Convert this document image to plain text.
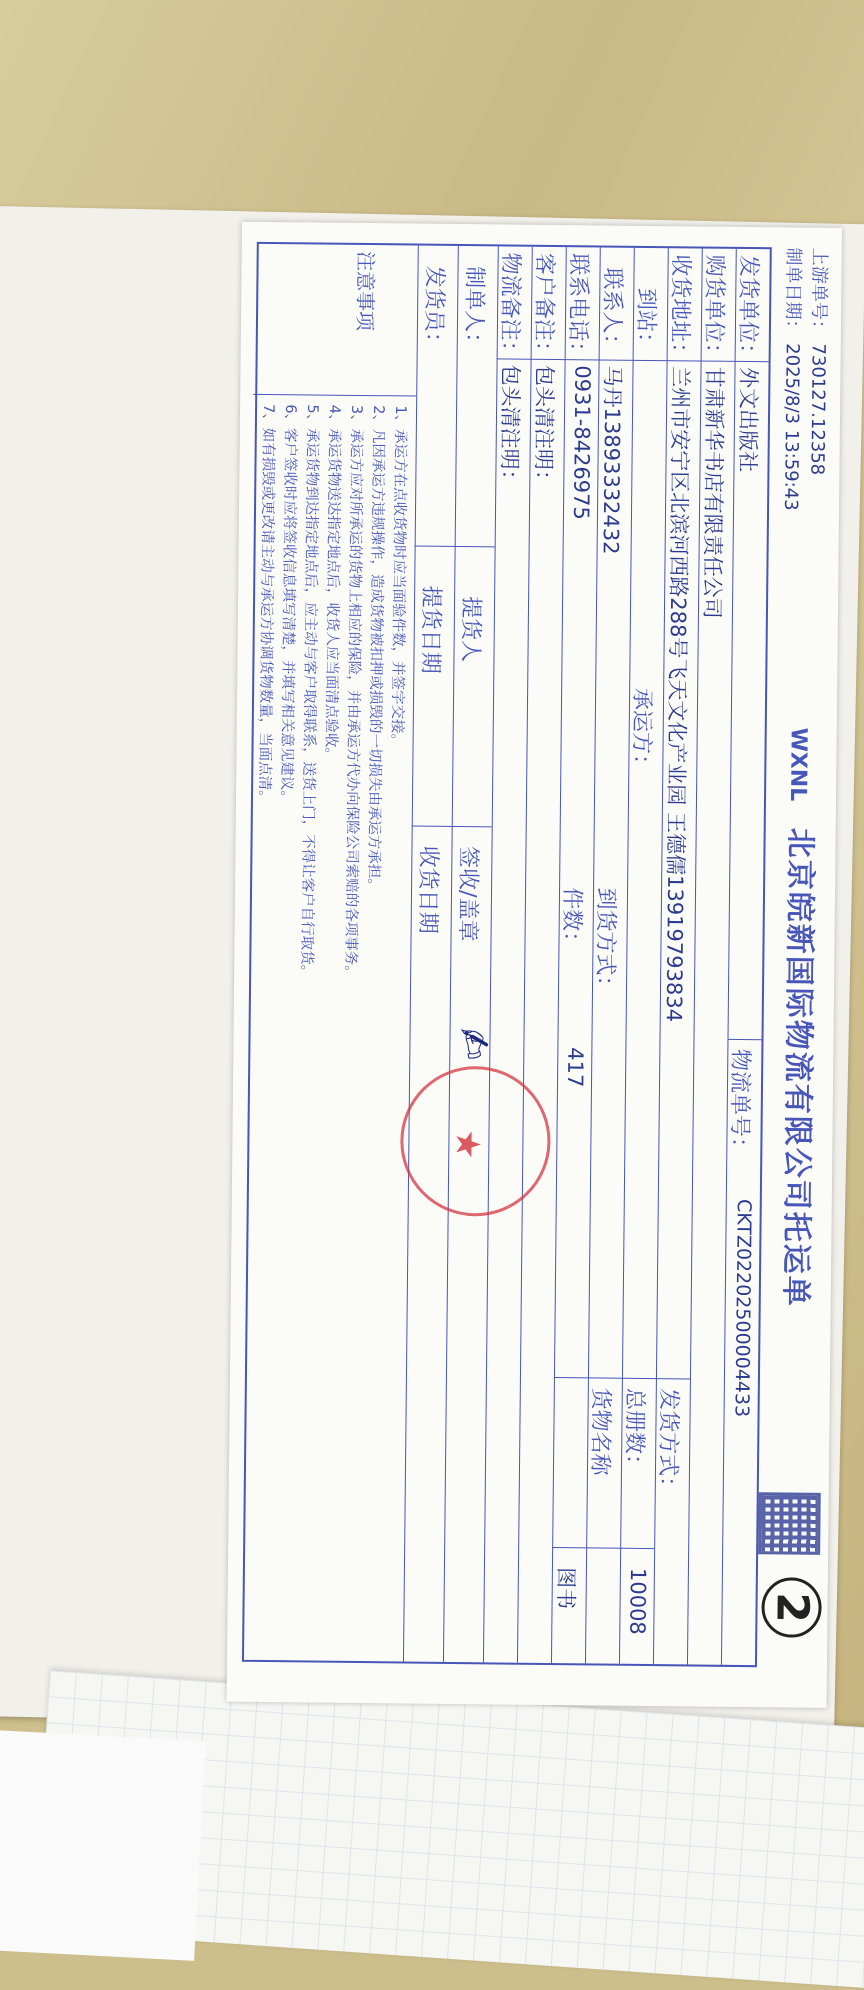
上游单号： 730127.12358
制单日期： 2025/8/3 13:59:43
WXNL 北京皖新国际物流有限公司托运单
2
发货单位：
外文出版社
物流单号：
CKTZ02202500004433
购货单位：
甘肃新华书店有限责任公司
收货地址：
兰州市安宁区北滨河西路288号飞天文化产业园 王德儒13919793834
发货方式：
到站：
承运方：
总册数：
10008
联系人：
马丹13893332432
到货方式：
货物名称
联系电话：
0931-8426975
件数：
417
图书
客户备注：
包头清注明：
物流备注：
包头清注明：
制单人：
提货人
签收/盖章
发货员：
提货日期
收货日期
注意事项
1、承运方在点收货物时应当面验件数，并签字交接。
2、凡因承运方违规操作，造成货物被扣押或损毁的一切损失由承运方承担。
3、承运方应对所承运的货物上相应的保险，并由承运方代办向保险公司索赔的各项事务。
4、承运货物送达指定地点后，收货人应当面清点验收。
5、承运货物到达指定地点后，应主动与客户取得联系，送货上门，不得让客户自行取货。
6、客户签收时应将签收信息填写清楚，并填写相关意见建议。
7、如有损毁或更改请主动与承运方协调货物数量，当面点清。
★
✍
